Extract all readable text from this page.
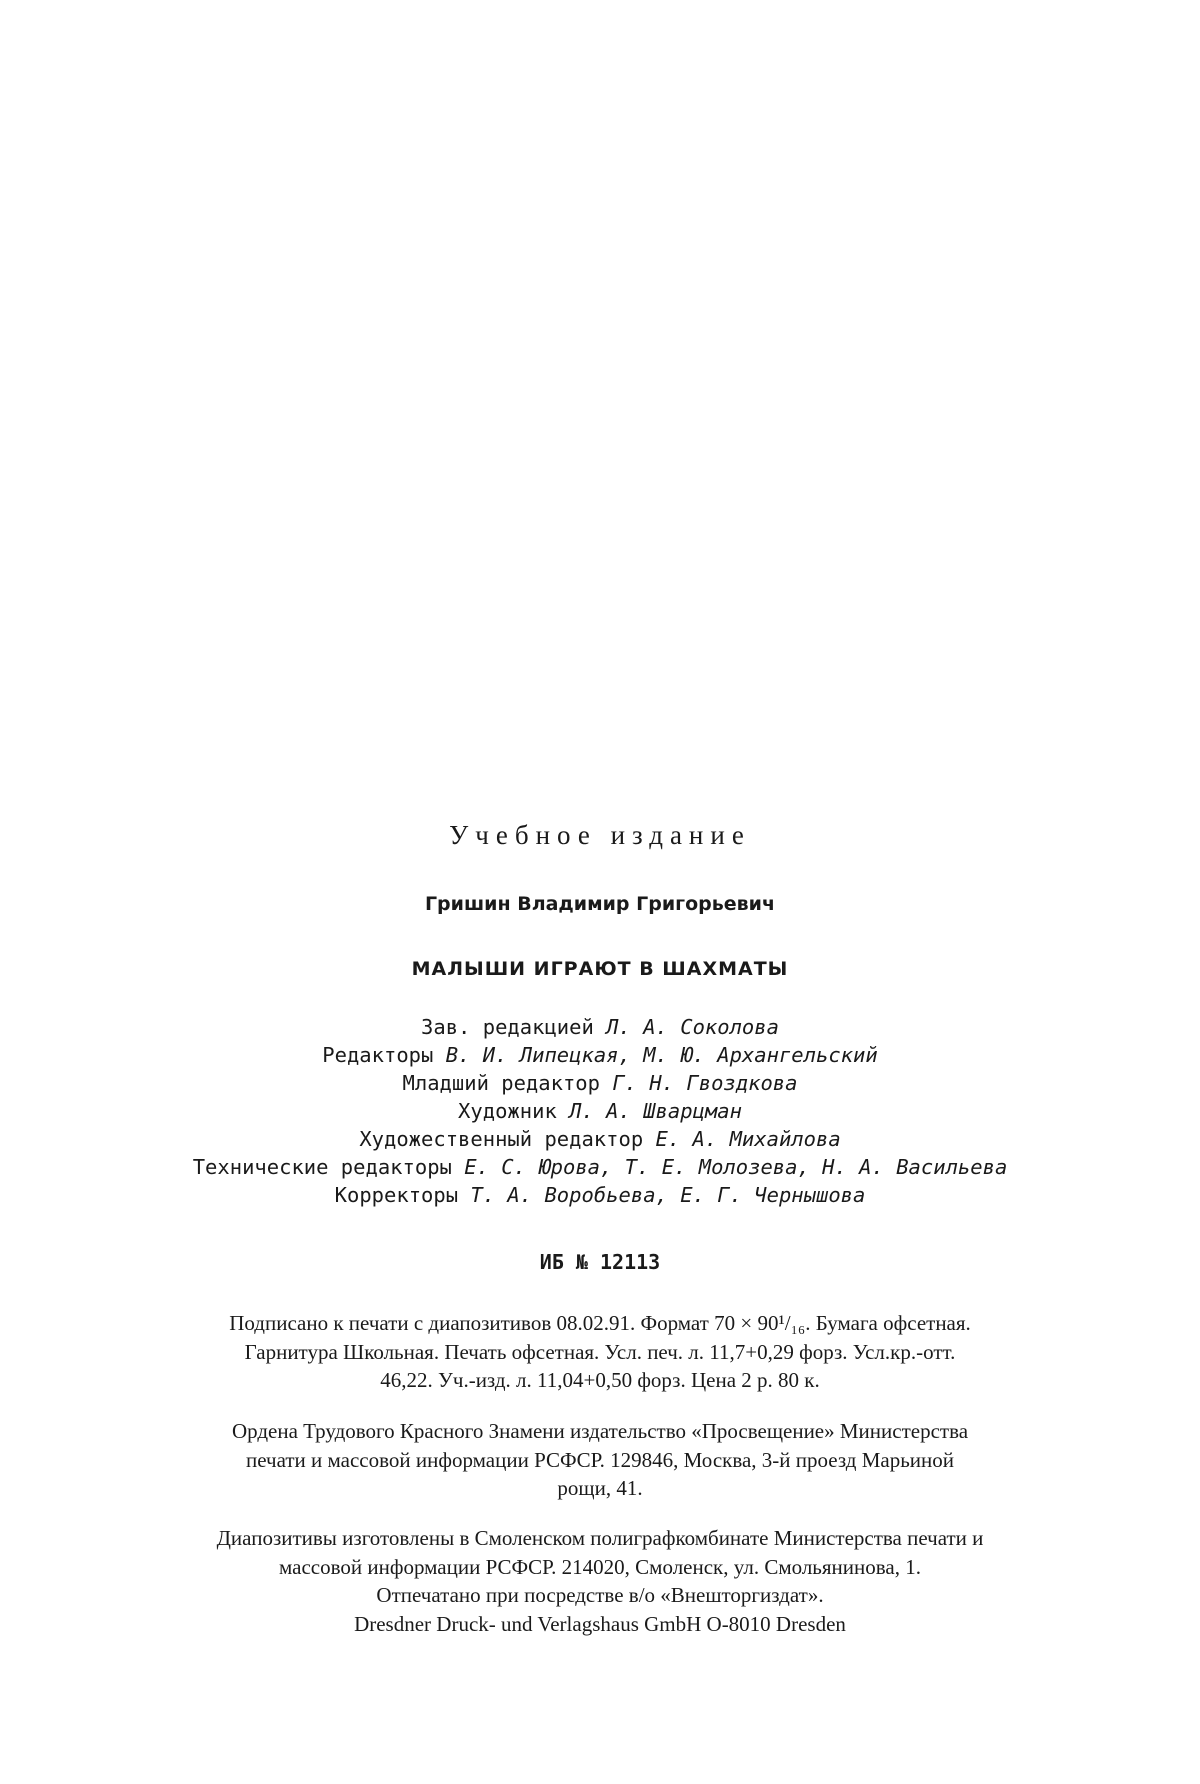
Учебное издание
Гришин Владимир Григорьевич
МАЛЫШИ ИГРАЮТ В ШАХМАТЫ
Зав. редакцией Л. А. Соколова
Редакторы В. И. Липецкая, М. Ю. Архангельский
Младший редактор Г. Н. Гвоздкова
Художник Л. А. Шварцман
Художественный редактор Е. А. Михайлова
Технические редакторы Е. С. Юрова, Т. Е. Молозева, Н. А. Васильева
Корректоры Т. А. Воробьева, Е. Г. Чернышова
ИБ № 12113
Подписано к печати с диапозитивов 08.02.91. Формат 70 × 90¹/₁₆. Бумага офсетная.
Гарнитура Школьная. Печать офсетная. Усл. печ. л. 11,7+0,29 форз. Усл.кр.-отт.
46,22. Уч.-изд. л. 11,04+0,50 форз. Цена 2 р. 80 к.
Ордена Трудового Красного Знамени издательство «Просвещение» Министерства
печати и массовой информации РСФСР. 129846, Москва, 3-й проезд Марьиной
рощи, 41.
Диапозитивы изготовлены в Смоленском полиграфкомбинате Министерства печати и
массовой информации РСФСР. 214020, Смоленск, ул. Смольянинова, 1.
Отпечатано при посредстве в/о «Внешторгиздат».
Dresdner Druck- und Verlagshaus GmbH O-8010 Dresden
